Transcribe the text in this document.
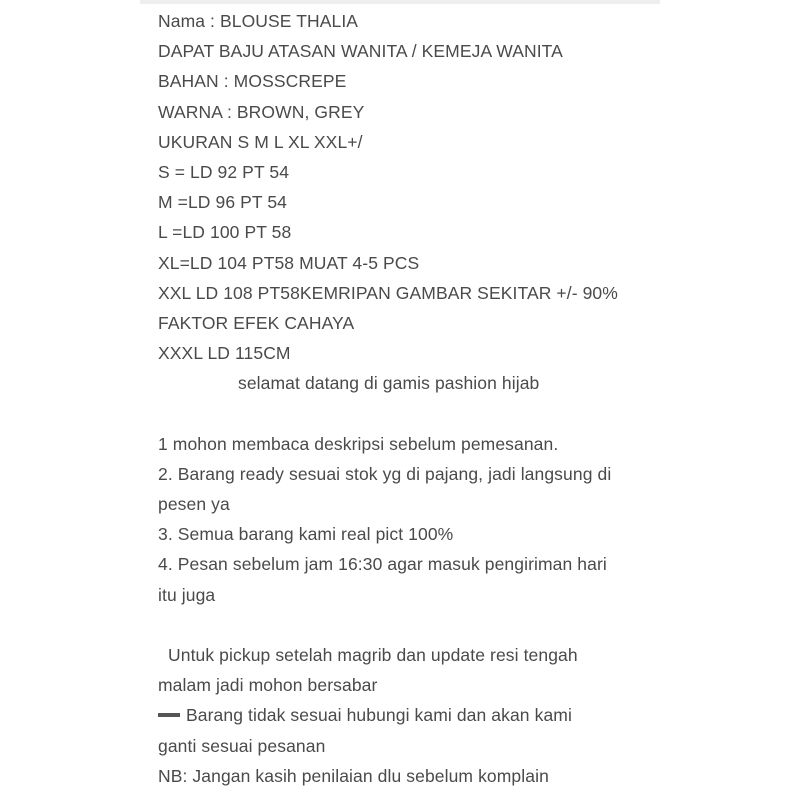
Nama : BLOUSE THALIA
DAPAT BAJU ATASAN WANITA / KEMEJA WANITA
BAHAN : MOSSCREPE
WARNA : BROWN, GREY
UKURAN S M L XL XXL+/
S = LD 92 PT 54
M =LD 96 PT 54
L =LD 100 PT 58
XL=LD 104 PT58 MUAT 4-5 PCS
XXL LD 108 PT58KEMRIPAN GAMBAR SEKITAR +/- 90%
FAKTOR EFEK CAHAYA
XXXL LD 115CM
selamat datang di gamis pashion hijab
1 mohon membaca deskripsi sebelum pemesanan.
2. Barang ready sesuai stok yg di pajang, jadi langsung di
pesen ya
3. Semua barang kami real pict 100%
4. Pesan sebelum jam 16:30 agar masuk pengiriman hari
itu juga
Untuk pickup setelah magrib dan update resi tengah
malam jadi mohon bersabar
Barang tidak sesuai hubungi kami dan akan kami
ganti sesuai pesanan
NB: Jangan kasih penilaian dlu sebelum komplain
